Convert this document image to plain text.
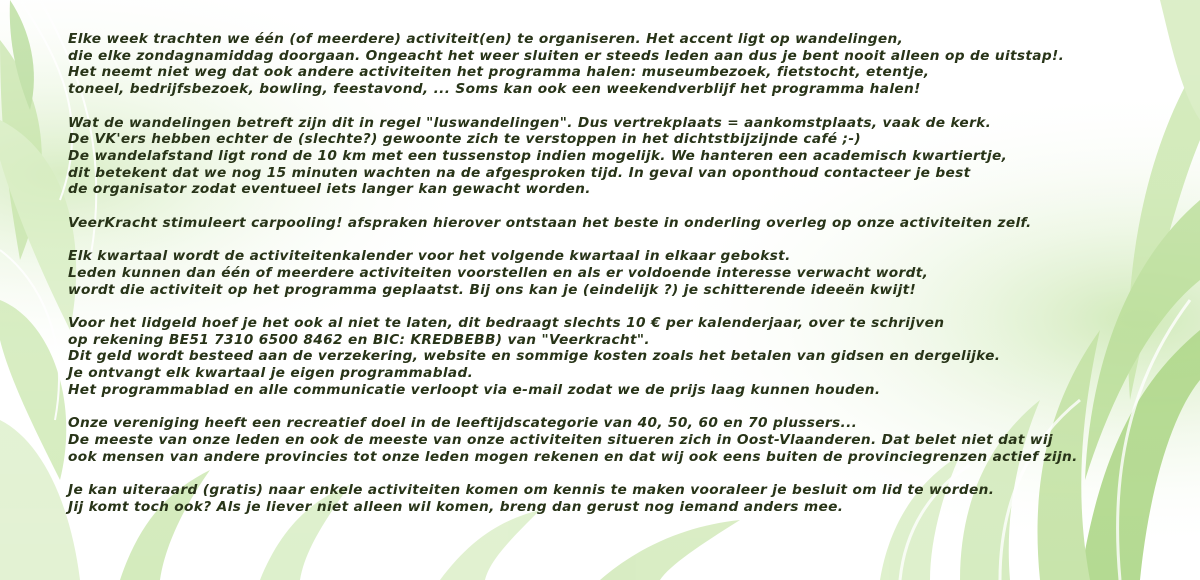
Elke week trachten we één (of meerdere) activiteit(en) te organiseren. Het accent ligt op wandelingen,
die elke zondagnamiddag doorgaan. Ongeacht het weer sluiten er steeds leden aan dus je bent nooit alleen op de uitstap!.
Het neemt niet weg dat ook andere activiteiten het programma halen: museumbezoek, fietstocht, etentje,
toneel, bedrijfsbezoek, bowling, feestavond, ... Soms kan ook een weekendverblijf het programma halen!

Wat de wandelingen betreft zijn dit in regel "luswandelingen". Dus vertrekplaats = aankomstplaats, vaak de kerk.
De VK'ers hebben echter de (slechte?) gewoonte zich te verstoppen in het dichtstbijzijnde café ;-)
De wandelafstand ligt rond de 10 km met een tussenstop indien mogelijk. We hanteren een academisch kwartiertje,
dit betekent dat we nog 15 minuten wachten na de afgesproken tijd. In geval van oponthoud contacteer je best
de organisator zodat eventueel iets langer kan gewacht worden.

VeerKracht stimuleert carpooling! afspraken hierover ontstaan het beste in onderling overleg op onze activiteiten zelf.

Elk kwartaal wordt de activiteitenkalender voor het volgende kwartaal in elkaar gebokst.
Leden kunnen dan één of meerdere activiteiten voorstellen en als er voldoende interesse verwacht wordt,
wordt die activiteit op het programma geplaatst. Bij ons kan je (eindelijk ?) je schitterende ideeën kwijt!

Voor het lidgeld hoef je het ook al niet te laten, dit bedraagt slechts 10 € per kalenderjaar, over te schrijven
op rekening BE51 7310 6500 8462 en BIC: KREDBEBB) van "Veerkracht".
Dit geld wordt besteed aan de verzekering, website en sommige kosten zoals het betalen van gidsen en dergelijke.
Je ontvangt elk kwartaal je eigen programmablad.
Het programmablad en alle communicatie verloopt via e-mail zodat we de prijs laag kunnen houden.

Onze vereniging heeft een recreatief doel in de leeftijdscategorie van 40, 50, 60 en 70 plussers...
De meeste van onze leden en ook de meeste van onze activiteiten situeren zich in Oost-Vlaanderen. Dat belet niet dat wij
ook mensen van andere provincies tot onze leden mogen rekenen en dat wij ook eens buiten de provinciegrenzen actief zijn.

Je kan uiteraard (gratis) naar enkele activiteiten komen om kennis te maken vooraleer je besluit om lid te worden.
Jij komt toch ook? Als je liever niet alleen wil komen, breng dan gerust nog iemand anders mee.
